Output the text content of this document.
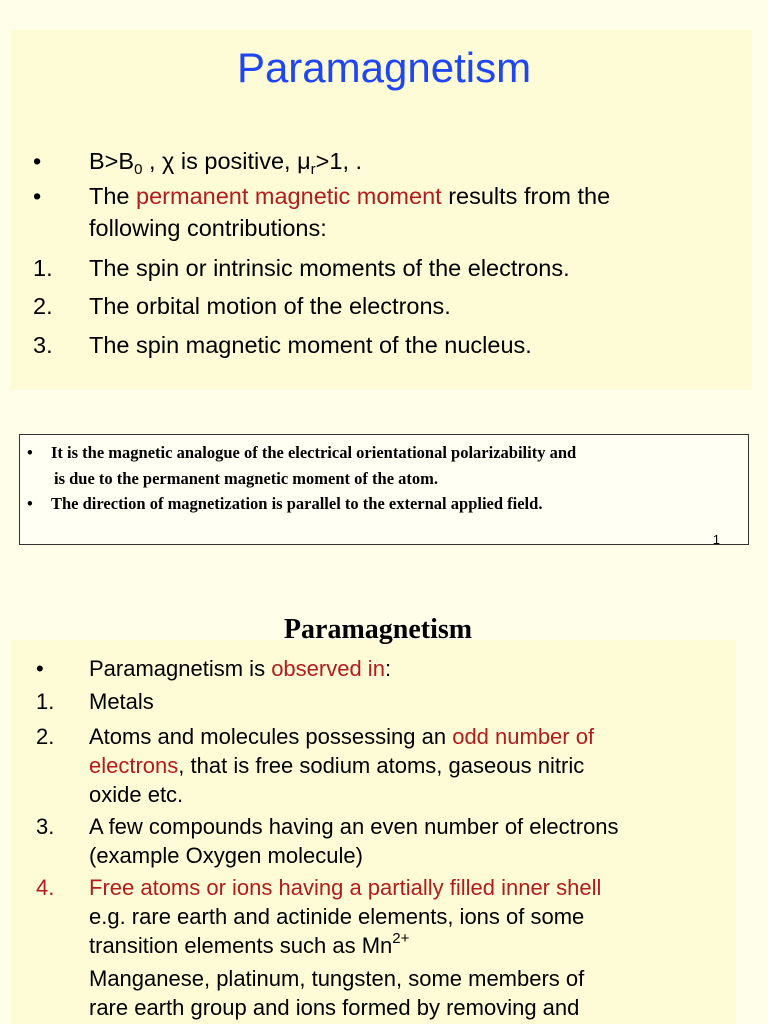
Paramagnetism
• $B>B_0$ , χ is positive, $\mu_r>1$, .
• The permanent magnetic moment results from the
following contributions:
1. The spin or intrinsic moments of the electrons.
2. The orbital motion of the electrons.
3. The spin magnetic moment of the nucleus.
• It is the magnetic analogue of the electrical orientational polarizability and
is due to the permanent magnetic moment of the atom.
• The direction of magnetization is parallel to the external applied field.
1
Paramagnetism
• Paramagnetism is observed in:
1. Metals
2. Atoms and molecules possessing an odd number of
electrons, that is free sodium atoms, gaseous nitric
oxide etc.
3. A few compounds having an even number of electrons
(example Oxygen molecule)
4. Free atoms or ions having a partially filled inner shell
e.g. rare earth and actinide elements, ions of some
transition elements such as $Mn^{2+}$
Manganese, platinum, tungsten, some members of
rare earth group and ions formed by removing and
